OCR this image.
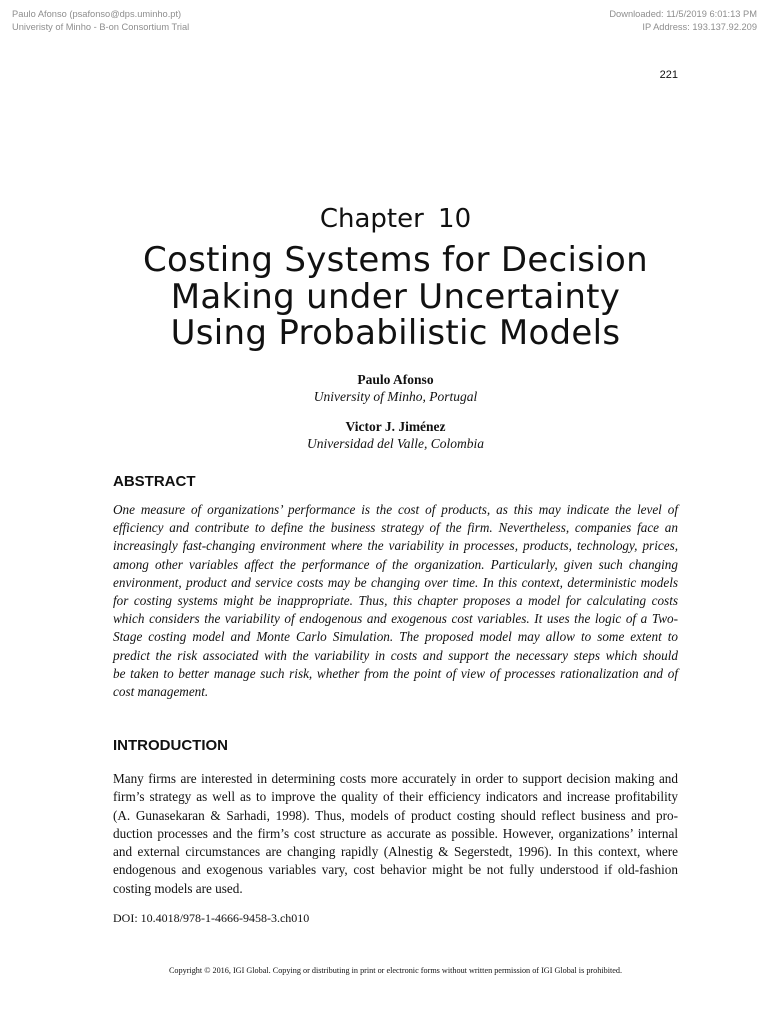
Paulo Afonso (psafonso@dps.uminho.pt)
Univeristy of Minho - B-on Consortium Trial
Downloaded: 11/5/2019 6:01:13 PM
IP Address: 193.137.92.209
221
Chapter 10
Costing Systems for Decision
Making under Uncertainty
Using Probabilistic Models
Paulo Afonso
University of Minho, Portugal
Victor J. Jiménez
Universidad del Valle, Colombia
ABSTRACT
One measure of organizations’ performance is the cost of products, as this may indicate the level of
efficiency and contribute to define the business strategy of the firm. Nevertheless, companies face an
increasingly fast-changing environment where the variability in processes, products, technology, prices,
among other variables affect the performance of the organization. Particularly, given such changing
environment, product and service costs may be changing over time. In this context, deterministic models
for costing systems might be inappropriate. Thus, this chapter proposes a model for calculating costs
which considers the variability of endogenous and exogenous cost variables. It uses the logic of a Two-
Stage costing model and Monte Carlo Simulation. The proposed model may allow to some extent to
predict the risk associated with the variability in costs and support the necessary steps which should
be taken to better manage such risk, whether from the point of view of processes rationalization and of
cost management.
INTRODUCTION
Many firms are interested in determining costs more accurately in order to support decision making and
firm’s strategy as well as to improve the quality of their efficiency indicators and increase profitability
(A. Gunasekaran & Sarhadi, 1998). Thus, models of product costing should reflect business and pro-
duction processes and the firm’s cost structure as accurate as possible. However, organizations’ internal
and external circumstances are changing rapidly (Alnestig & Segerstedt, 1996). In this context, where
endogenous and exogenous variables vary, cost behavior might be not fully understood if old-fashion
costing models are used.
DOI: 10.4018/978-1-4666-9458-3.ch010
Copyright © 2016, IGI Global. Copying or distributing in print or electronic forms without written permission of IGI Global is prohibited.
